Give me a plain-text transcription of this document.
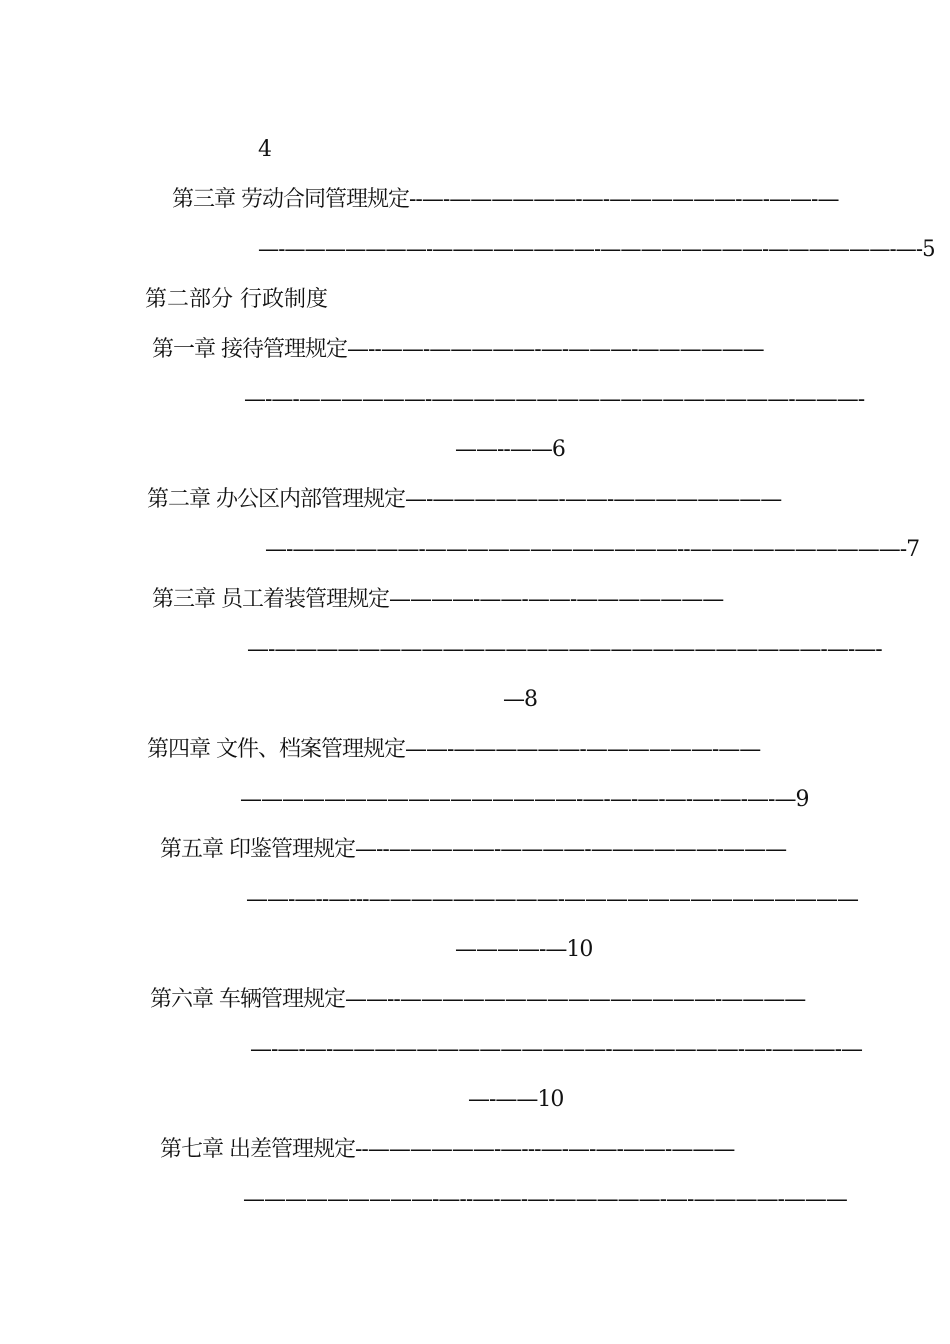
4
第三章 劳动合同管理规定--—-——————-—-——————-—-——-—
—-———————-————————-————————-——————-—-5
第二部分 行政制度
第一章 接待管理规定—--——-—————-—-———-——————
—-—-——————-—————————————————-———-
——--——6
第二章 办公区内部管理规定—-——————-——-————————
—-——————-————————————--——————————-7
第三章 员工着装管理规定————-——-——-———————
—-——————————————————————————-—-—-
—8
第四章 文件、档案管理规定——-——————-——————-——
————————————————-—-—-—-—-—-—-—-—9
第五章 印鉴管理规定—--—————-————-——————-———
——-—--—---—————————-——————————————
————-—10
第六章 车辆管理规定——--———————————————-————
—-—-—-—————————————-——————-—-———-—
—-——10
第七章 出差管理规定--——————-—---—-—-—-——-———
—————————-—--—-—-—-—————-—-————-———
